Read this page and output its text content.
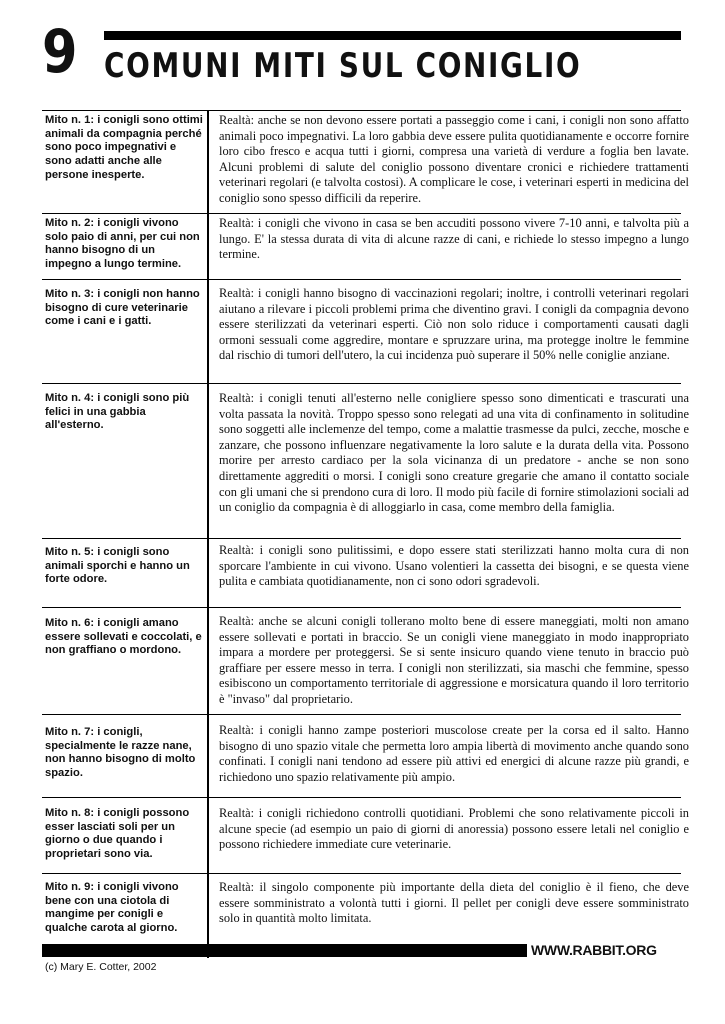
9 COMUNI MITI SUL CONIGLIO
Mito n. 1: i conigli sono ottimi animali da compagnia perché sono poco impegnativi e sono adatti anche alle persone inesperte.
Realtà: anche se non devono essere portati a passeggio come i cani, i conigli non sono affatto animali poco impegnativi. La loro gabbia deve essere pulita quotidianamente e occorre fornire loro cibo fresco e acqua tutti i giorni, compresa una varietà di verdure a foglia ben lavate. Alcuni problemi di salute del coniglio possono diventare cronici e richiedere trattamenti veterinari regolari (e talvolta costosi). A complicare le cose, i veterinari esperti in medicina del coniglio sono spesso difficili da reperire.
Mito n. 2: i conigli vivono solo paio di anni, per cui non hanno bisogno di un impegno a lungo termine.
Realtà: i conigli che vivono in casa se ben accuditi possono vivere 7-10 anni, e talvolta più a lungo. E' la stessa durata di vita di alcune razze di cani, e richiede lo stesso impegno a lungo termine.
Mito n. 3: i conigli non hanno bisogno di cure veterinarie come i cani e i gatti.
Realtà: i conigli hanno bisogno di vaccinazioni regolari; inoltre, i controlli veterinari regolari aiutano a rilevare i piccoli problemi prima che diventino gravi. I conigli da compagnia devono essere sterilizzati da veterinari esperti. Ciò non solo riduce i comportamenti causati dagli ormoni sessuali come aggredire, montare e spruzzare urina, ma protegge inoltre le femmine dal rischio di tumori dell'utero, la cui incidenza può superare il 50% nelle coniglie anziane.
Mito n. 4: i conigli sono più felici in una gabbia all'esterno.
Realtà: i conigli tenuti all'esterno nelle conigliere spesso sono dimenticati e trascurati una volta passata la novità. Troppo spesso sono relegati ad una vita di confinamento in solitudine sono soggetti alle inclemenze del tempo, come a malattie trasmesse da pulci, zecche, mosche e zanzare, che possono influenzare negativamente la loro salute e la durata della vita. Possono morire per arresto cardiaco per la sola vicinanza di un predatore - anche se non sono direttamente aggrediti o morsi. I conigli sono creature gregarie che amano il contatto sociale con gli umani che si prendono cura di loro. Il modo più facile di fornire stimolazioni sociali ad un coniglio da compagnia è di alloggiarlo in casa, come membro della famiglia.
Mito n. 5: i conigli sono animali sporchi e hanno un forte odore.
Realtà: i conigli sono pulitissimi, e dopo essere stati sterilizzati hanno molta cura di non sporcare l'ambiente in cui vivono. Usano volentieri la cassetta dei bisogni, e se questa viene pulita e cambiata quotidianamente, non ci sono odori sgradevoli.
Mito n. 6: i conigli amano essere sollevati e coccolati, e non graffiano o mordono.
Realtà: anche se alcuni conigli tollerano molto bene di essere maneggiati, molti non amano essere sollevati e portati in braccio. Se un conigli viene maneggiato in modo inappropriato impara a mordere per proteggersi. Se si sente insicuro quando viene tenuto in braccio può graffiare per essere messo in terra. I conigli non sterilizzati, sia maschi che femmine, spesso esibiscono un comportamento territoriale di aggressione e morsicatura quando il loro territorio è "invaso" dal proprietario.
Mito n. 7: i conigli, specialmente le razze nane, non hanno bisogno di molto spazio.
Realtà: i conigli hanno zampe posteriori muscolose create per la corsa ed il salto. Hanno bisogno di uno spazio vitale che permetta loro ampia libertà di movimento anche quando sono confinati. I conigli nani tendono ad essere più attivi ed energici di alcune razze più grandi, e richiedono uno spazio relativamente più ampio.
Mito n. 8: i conigli possono esser lasciati soli per un giorno o due quando i proprietari sono via.
Realtà: i conigli richiedono controlli quotidiani. Problemi che sono relativamente piccoli in alcune specie (ad esempio un paio di giorni di anoressia) possono essere letali nel coniglio e possono richiedere immediate cure veterinarie.
Mito n. 9: i conigli vivono bene con una ciotola di mangime per conigli e qualche carota al giorno.
Realtà: il singolo componente più importante della dieta del coniglio è il fieno, che deve essere somministrato a volontà tutti i giorni. Il pellet per conigli deve essere somministrato solo in quantità molto limitata.
WWW.RABBIT.ORG
(c) Mary E. Cotter, 2002
